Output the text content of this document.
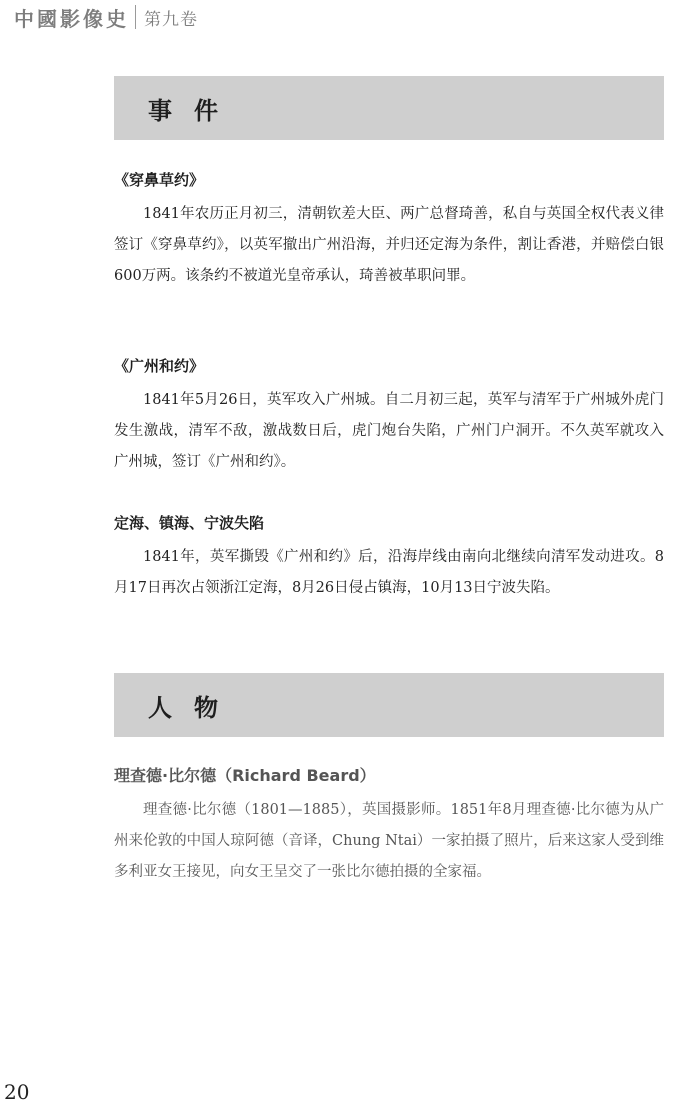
中國影像史 第九卷
事件
《穿鼻草约》
1841年农历正月初三，清朝钦差大臣、两广总督琦善，私自与英国全权代表义律签订《穿鼻草约》，以英军撤出广州沿海，并归还定海为条件，割让香港，并赔偿白银600万两。该条约不被道光皇帝承认，琦善被革职问罪。
《广州和约》
1841年5月26日，英军攻入广州城。自二月初三起，英军与清军于广州城外虎门发生激战，清军不敌，激战数日后，虎门炮台失陷，广州门户洞开。不久英军就攻入广州城，签订《广州和约》。
定海、镇海、宁波失陷
1841年，英军撕毁《广州和约》后，沿海岸线由南向北继续向清军发动进攻。8月17日再次占领浙江定海，8月26日侵占镇海，10月13日宁波失陷。
人物
理查德·比尔德（Richard Beard）
理查德·比尔德（1801—1885），英国摄影师。1851年8月理查德·比尔德为从广州来伦敦的中国人琼阿德（音译，Chung Ntai）一家拍摄了照片，后来这家人受到维多利亚女王接见，向女王呈交了一张比尔德拍摄的全家福。
20
